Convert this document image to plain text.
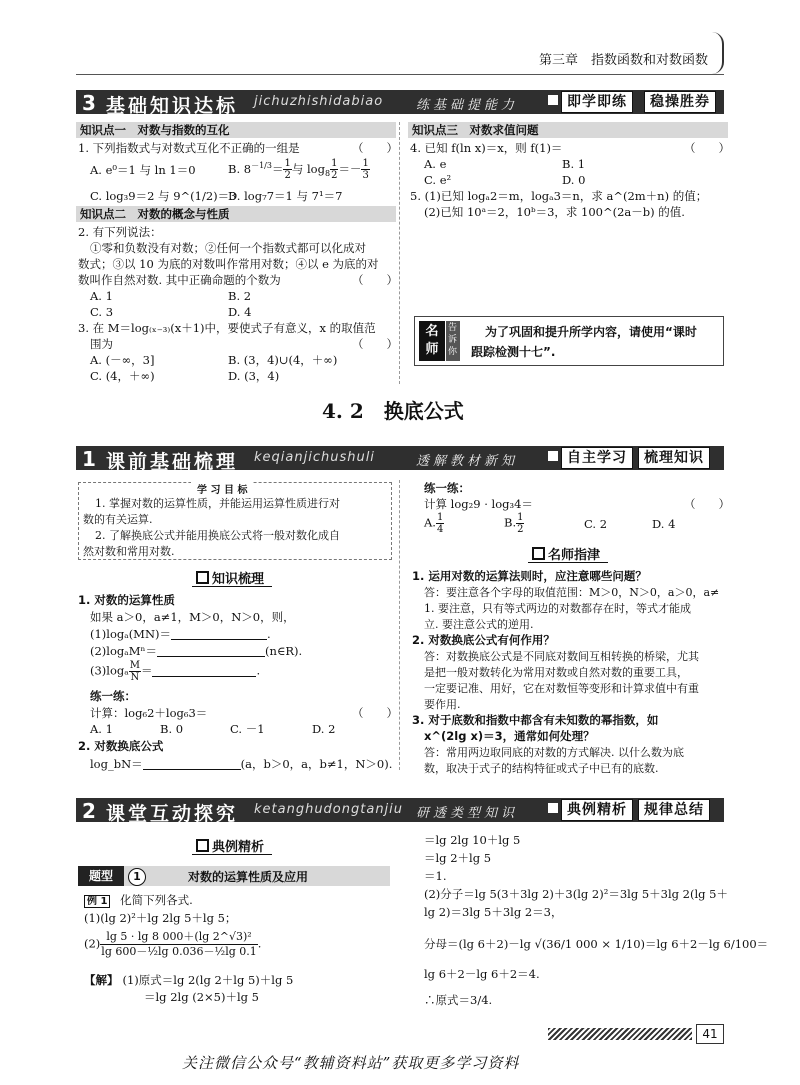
第三章　指数函数和对数函数
3 基础知识达标 jichuzhishidabiao	练基础提能力	即学即练	稳操胜券
知识点一　对数与指数的互化
1. 下列指数式与对数式互化不正确的一组是	（　　）
A. e⁰＝1 与 ln 1＝0	B. $8^{-1/3}= \frac{1}{2}$ 与 $\log_8 \frac{1}{2} =- \frac{1}{3}$
C. log₃9＝2 与 9^(1/2)＝3
D. log₇7＝1 与 7¹＝7
知识点二　对数的概念与性质
2. 有下列说法：
①零和负数没有对数；②任何一个指数式都可以化成对
数式；③以 10 为底的对数叫作常用对数；④以 e 为底的对
数叫作自然对数. 其中正确命题的个数为	（　　）
A. 1	B. 2
C. 3	D. 4
3. 在 M＝log₍ₓ₋₃₎(x＋1)中，要使式子有意义，x 的取值范
围为	（　　）
A. (－∞，3]	B. (3，4)∪(4，＋∞)
C. (4，＋∞)	D. (3，4)
知识点三　对数求值问题
4. 已知 f(ln x)＝x，则 f(1)＝	（　　）
A. e	B. 1
C. e²	D. 0
5. (1)已知 logₐ2＝m，logₐ3＝n，求 a^(2m＋n) 的值；
(2)已知 10ᵃ＝2，10ᵇ＝3，求 100^(2a－b) 的值.
名师
告诉你
为了巩固和提升所学内容，请使用“课时
跟踪检测十七”.
4. 2　换底公式
1 课前基础梳理 keqianjichushuli	透解教材新知	自主学习	梳理知识
学 习 目 标
1. 掌握对数的运算性质，并能运用运算性质进行对
数的有关运算.
2. 了解换底公式并能用换底公式将一般对数化成自
然对数和常用对数.
知识梳理
1. 对数的运算性质
如果 a＞0，a≠1，M＞0，N＞0，则，
(1)logₐ(MN)＝	.
(2)logₐMⁿ＝	(n∈R).
$(3)\log_a \frac{M}{N}$ ＝	.
练一练：
计算：log₆2＋log₆3＝	（　　）
A. 1	B. 0	C. －1	D. 2
2. 对数换底公式
log_bN＝	(a，b＞0，a，b≠1，N＞0).
练一练：
计算 log₂9 · log₃4＝	（　　）
A. $\frac{1}{4}$	B. $\frac{1}{2}$	C. 2	D. 4
名师指津
1. 运用对数的运算法则时，应注意哪些问题？
答：要注意各个字母的取值范围：M＞0，N＞0，a＞0，a≠
1. 要注意，只有等式两边的对数都存在时，等式才能成
立. 要注意公式的逆用.
2. 对数换底公式有何作用？
答：对数换底公式是不同底对数间互相转换的桥梁，尤其
是把一般对数转化为常用对数或自然对数的重要工具，
一定要记准、用好，它在对数恒等变形和计算求值中有重
要作用.
3. 对于底数和指数中都含有未知数的幂指数，如
x^(2lg x)＝3，通常如何处理？
答：常用两边取同底的对数的方式解决. 以什么数为底
数，取决于式子的结构特征或式子中已有的底数.
2 课堂互动探究 ketanghudongtanjiu 研透类型知识	典例精析	规律总结
典例精析
题型	1	对数的运算性质及应用
例 1 化简下列各式.
(1)(lg 2)²＋lg 2lg 5＋lg 5；
$(2) \frac{\text{lg 5 · lg 8 000＋(lg 2\textasciicircum{}√3)²}}{\text{lg 600－½lg 0.036－½lg 0.1}}$ .
【解】 (1)原式＝lg 2(lg 2＋lg 5)＋lg 5
＝lg 2lg (2×5)＋lg 5
＝lg 2lg 10＋lg 5
＝lg 2＋lg 5
＝1.
(2)分子＝lg 5(3＋3lg 2)＋3(lg 2)²＝3lg 5＋3lg 2(lg 5＋
lg 2)＝3lg 5＋3lg 2＝3，
分母＝(lg 6＋2)－lg √(36/1 000 × 1/10)＝lg 6＋2－lg 6/100＝
lg 6＋2－lg 6＋2＝4.
∴原式＝3/4.
41
关注微信公众号“教辅资料站”获取更多学习资料
